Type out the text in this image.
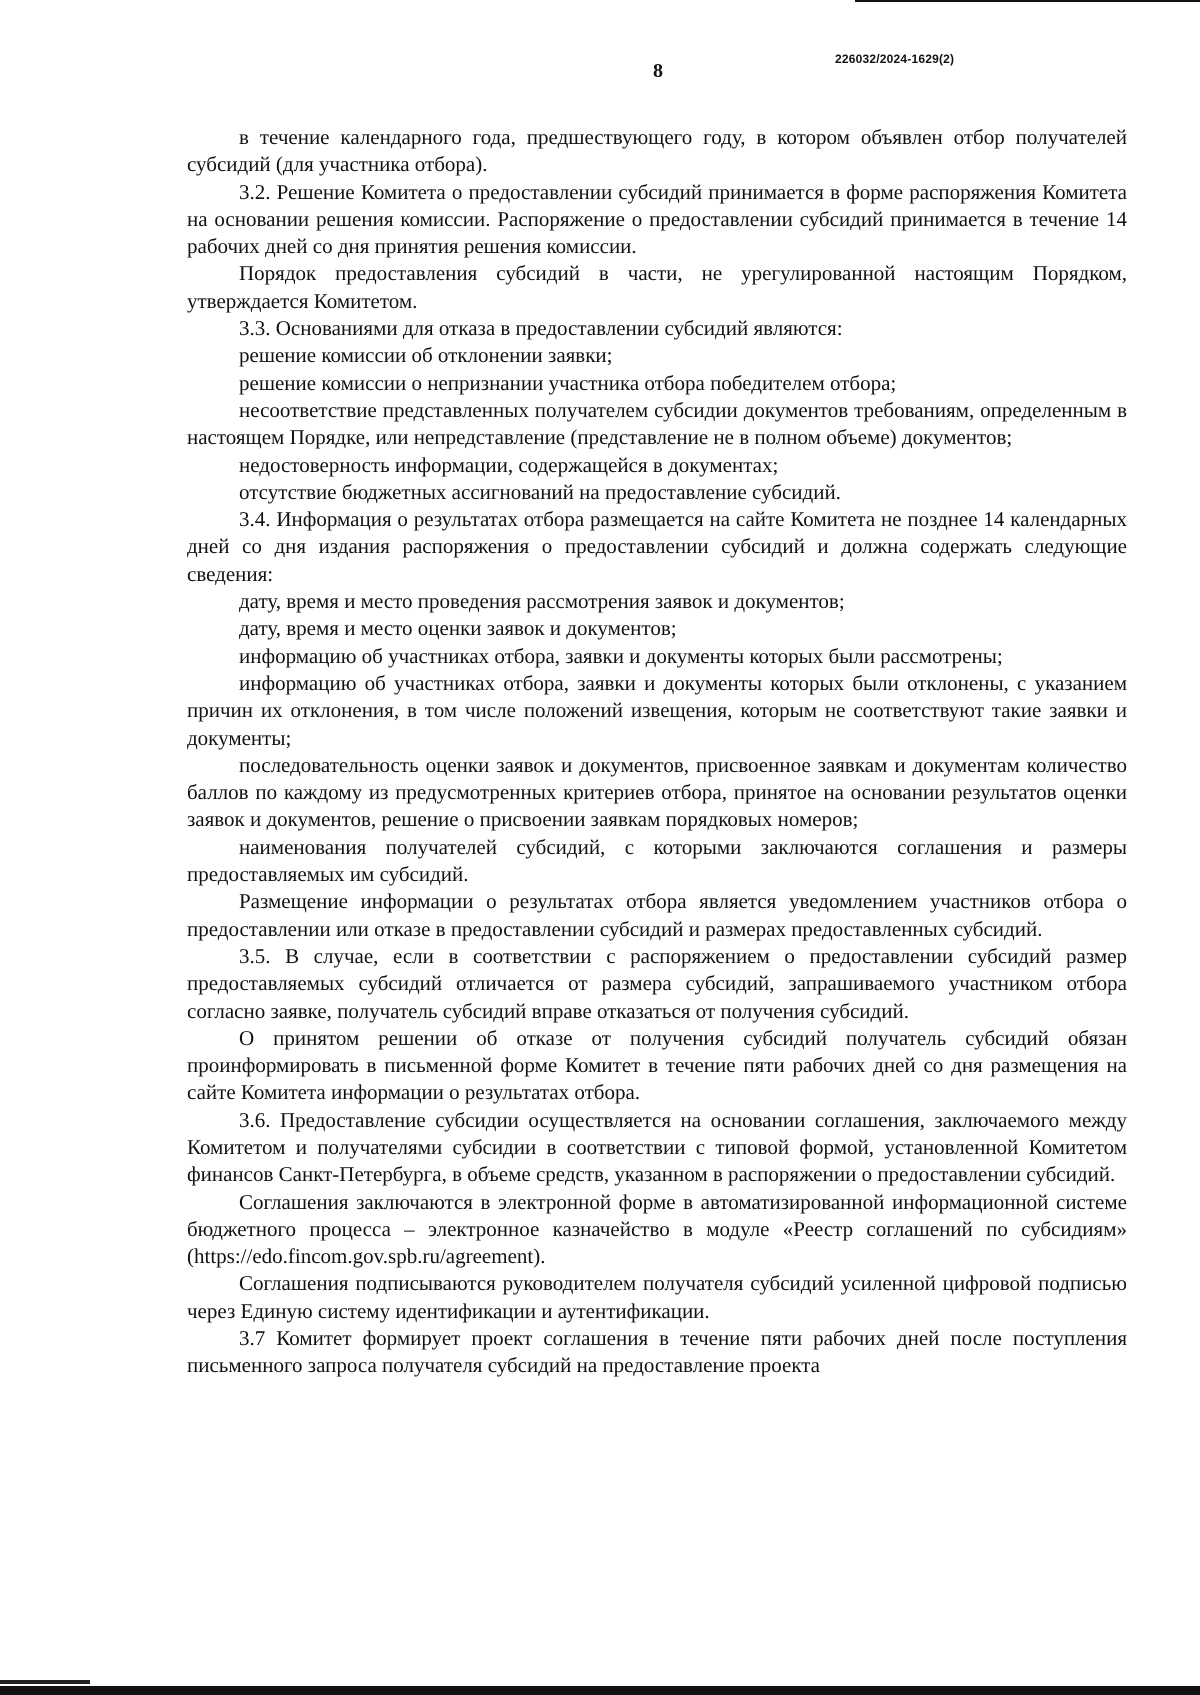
8
226032/2024-1629(2)

в течение календарного года, предшествующего году, в котором объявлен отбор получателей субсидий (для участника отбора).

3.2. Решение Комитета о предоставлении субсидий принимается в форме распоряжения Комитета на основании решения комиссии. Распоряжение о предоставлении субсидий принимается в течение 14 рабочих дней со дня принятия решения комиссии.

Порядок предоставления субсидий в части, не урегулированной настоящим Порядком, утверждается Комитетом.

3.3. Основаниями для отказа в предоставлении субсидий являются:

решение комиссии об отклонении заявки;

решение комиссии о непризнании участника отбора победителем отбора;

несоответствие представленных получателем субсидии документов требованиям, определенным в настоящем Порядке, или непредставление (представление не в полном объеме) документов;

недостоверность информации, содержащейся в документах;

отсутствие бюджетных ассигнований на предоставление субсидий.

3.4. Информация о результатах отбора размещается на сайте Комитета не позднее 14 календарных дней со дня издания распоряжения о предоставлении субсидий и должна содержать следующие сведения:

дату, время и место проведения рассмотрения заявок и документов;

дату, время и место оценки заявок и документов;

информацию об участниках отбора, заявки и документы которых были рассмотрены;

информацию об участниках отбора, заявки и документы которых были отклонены, с указанием причин их отклонения, в том числе положений извещения, которым не соответствуют такие заявки и документы;

последовательность оценки заявок и документов, присвоенное заявкам и документам количество баллов по каждому из предусмотренных критериев отбора, принятое на основании результатов оценки заявок и документов, решение о присвоении заявкам порядковых номеров;

наименования получателей субсидий, с которыми заключаются соглашения и размеры предоставляемых им субсидий.

Размещение информации о результатах отбора является уведомлением участников отбора о предоставлении или отказе в предоставлении субсидий и размерах предоставленных субсидий.

3.5. В случае, если в соответствии с распоряжением о предоставлении субсидий размер предоставляемых субсидий отличается от размера субсидий, запрашиваемого участником отбора согласно заявке, получатель субсидий вправе отказаться от получения субсидий.

О принятом решении об отказе от получения субсидий получатель субсидий обязан проинформировать в письменной форме Комитет в течение пяти рабочих дней со дня размещения на сайте Комитета информации о результатах отбора.

3.6. Предоставление субсидии осуществляется на основании соглашения, заключаемого между Комитетом и получателями субсидии в соответствии с типовой формой, установленной Комитетом финансов Санкт-Петербурга, в объеме средств, указанном в распоряжении о предоставлении субсидий.

Соглашения заключаются в электронной форме в автоматизированной информационной системе бюджетного процесса – электронное казначейство в модуле «Реестр соглашений по субсидиям» (https://edo.fincom.gov.spb.ru/agreement).

Соглашения подписываются руководителем получателя субсидий усиленной цифровой подписью через Единую систему идентификации и аутентификации.

3.7 Комитет формирует проект соглашения в течение пяти рабочих дней после поступления письменного запроса получателя субсидий на предоставление проекта
